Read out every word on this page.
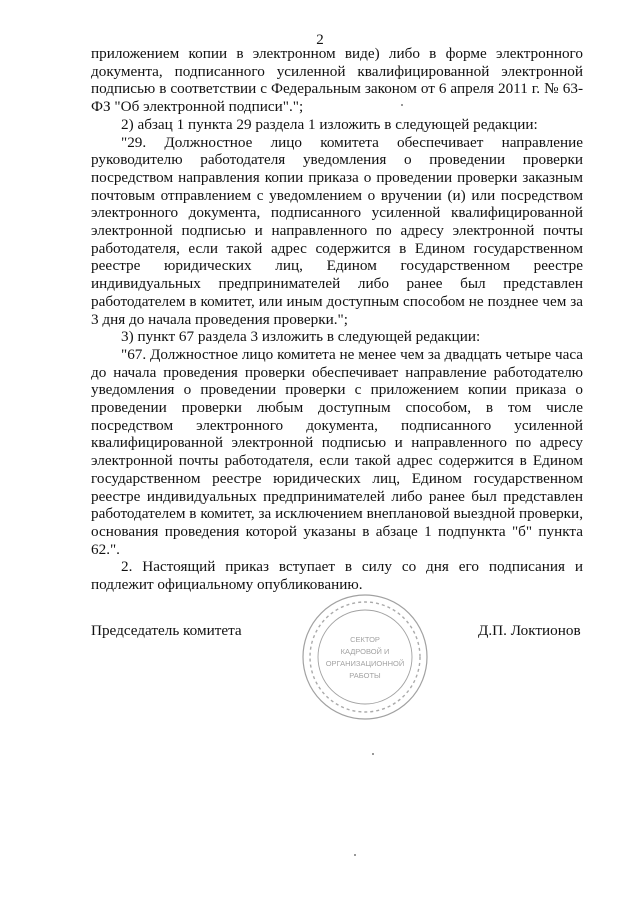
2

приложением копии в электронном виде) либо в форме электронного документа, подписанного усиленной квалифицированной электронной подписью в соответствии с Федеральным законом от 6 апреля 2011 г. № 63-ФЗ "Об электронной подписи".";

2) абзац 1 пункта 29 раздела 1 изложить в следующей редакции:

"29. Должностное лицо комитета обеспечивает направление руководителю работодателя уведомления о проведении проверки посредством направления копии приказа о проведении проверки заказным почтовым отправлением с уведомлением о вручении (и) или посредством электронного документа, подписанного усиленной квалифицированной электронной подписью и направленного по адресу электронной почты работодателя, если такой адрес содержится в Едином государственном реестре юридических лиц, Едином государственном реестре индивидуальных предпринимателей либо ранее был представлен работодателем в комитет, или иным доступным способом не позднее чем за 3 дня до начала проведения проверки.";

3) пункт 67 раздела 3 изложить в следующей редакции:

"67. Должностное лицо комитета не менее чем за двадцать четыре часа до начала проведения проверки обеспечивает направление работодателю уведомления о проведении проверки с приложением копии приказа о проведении проверки любым доступным способом, в том числе посредством электронного документа, подписанного усиленной квалифицированной электронной подписью и направленного по адресу электронной почты работодателя, если такой адрес содержится в Едином государственном реестре юридических лиц, Едином государственном реестре индивидуальных предпринимателей либо ранее был представлен работодателем в комитет, за исключением внеплановой выездной проверки, основания проведения которой указаны в абзаце 1 подпункта "б" пункта 62.".

2. Настоящий приказ вступает в силу со дня его подписания и подлежит официальному опубликованию.

Председатель комитета	Д.П. Локтионов
СЕКТОР
КАДРОВОЙ И
ОРГАНИЗАЦИОННОЙ
РАБОТЫ
